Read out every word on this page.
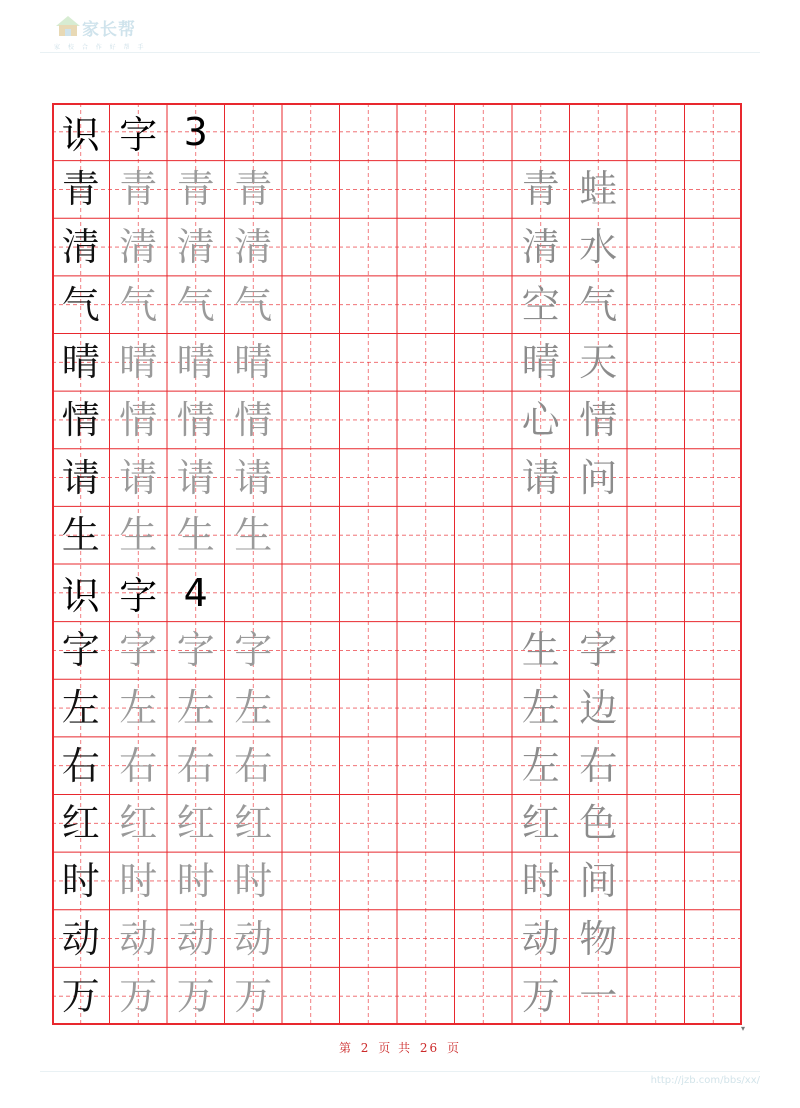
家长帮
家 校 合 作 好 帮 手
识 字 3
青 青 青 青	青 蛙
清 清 清 清	清 水
气 气 气 气	空 气
晴 晴 晴 晴	晴 天
情 情 情 情	心 情
请 请 请 请	请 问
生 生 生 生
识 字 4
字 字 字 字	生 字
左 左 左 左	左 边
右 右 右 右	左 右
红 红 红 红	红 色
时 时 时 时	时 间
动 动 动 动	动 物
万 万 万 万	万 一
▾
第 2 页 共 26 页
http://jzb.com/bbs/xx/
